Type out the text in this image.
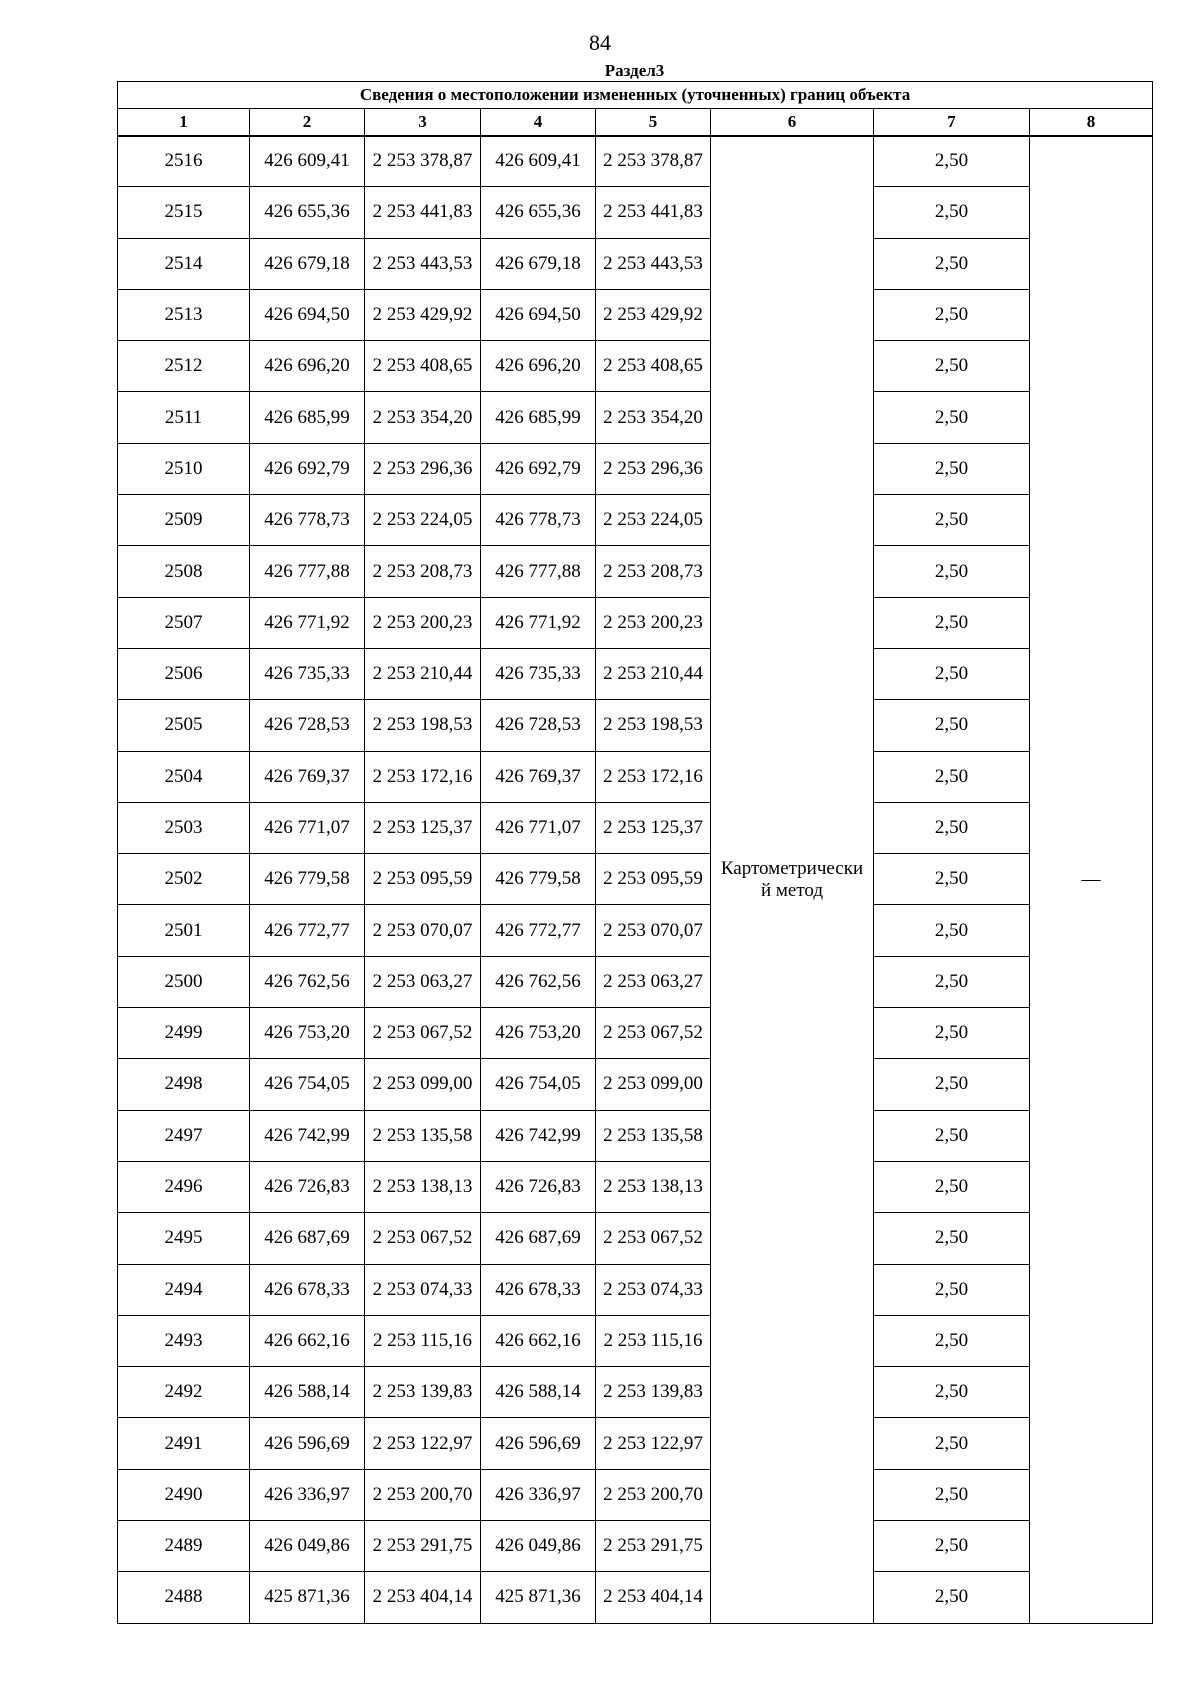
84
Раздел3
Сведения о местоположении измененных (уточненных) границ объекта							
1	2	3	4	5	6	7	8
2516	426 609,41	2 253 378,87	426 609,41	2 253 378,87	Картометрически
й метод	2,50	—
2515	426 655,36	2 253 441,83	426 655,36	2 253 441,83		2,50	
2514	426 679,18	2 253 443,53	426 679,18	2 253 443,53		2,50	
2513	426 694,50	2 253 429,92	426 694,50	2 253 429,92		2,50	
2512	426 696,20	2 253 408,65	426 696,20	2 253 408,65		2,50	
2511	426 685,99	2 253 354,20	426 685,99	2 253 354,20		2,50	
2510	426 692,79	2 253 296,36	426 692,79	2 253 296,36		2,50	
2509	426 778,73	2 253 224,05	426 778,73	2 253 224,05		2,50	
2508	426 777,88	2 253 208,73	426 777,88	2 253 208,73		2,50	
2507	426 771,92	2 253 200,23	426 771,92	2 253 200,23		2,50	
2506	426 735,33	2 253 210,44	426 735,33	2 253 210,44		2,50	
2505	426 728,53	2 253 198,53	426 728,53	2 253 198,53		2,50	
2504	426 769,37	2 253 172,16	426 769,37	2 253 172,16		2,50	
2503	426 771,07	2 253 125,37	426 771,07	2 253 125,37		2,50	
2502	426 779,58	2 253 095,59	426 779,58	2 253 095,59		2,50	
2501	426 772,77	2 253 070,07	426 772,77	2 253 070,07		2,50	
2500	426 762,56	2 253 063,27	426 762,56	2 253 063,27		2,50	
2499	426 753,20	2 253 067,52	426 753,20	2 253 067,52		2,50	
2498	426 754,05	2 253 099,00	426 754,05	2 253 099,00		2,50	
2497	426 742,99	2 253 135,58	426 742,99	2 253 135,58		2,50	
2496	426 726,83	2 253 138,13	426 726,83	2 253 138,13		2,50	
2495	426 687,69	2 253 067,52	426 687,69	2 253 067,52		2,50	
2494	426 678,33	2 253 074,33	426 678,33	2 253 074,33		2,50	
2493	426 662,16	2 253 115,16	426 662,16	2 253 115,16		2,50	
2492	426 588,14	2 253 139,83	426 588,14	2 253 139,83		2,50	
2491	426 596,69	2 253 122,97	426 596,69	2 253 122,97		2,50	
2490	426 336,97	2 253 200,70	426 336,97	2 253 200,70		2,50	
2489	426 049,86	2 253 291,75	426 049,86	2 253 291,75		2,50	
2488	425 871,36	2 253 404,14	425 871,36	2 253 404,14		2,50	
